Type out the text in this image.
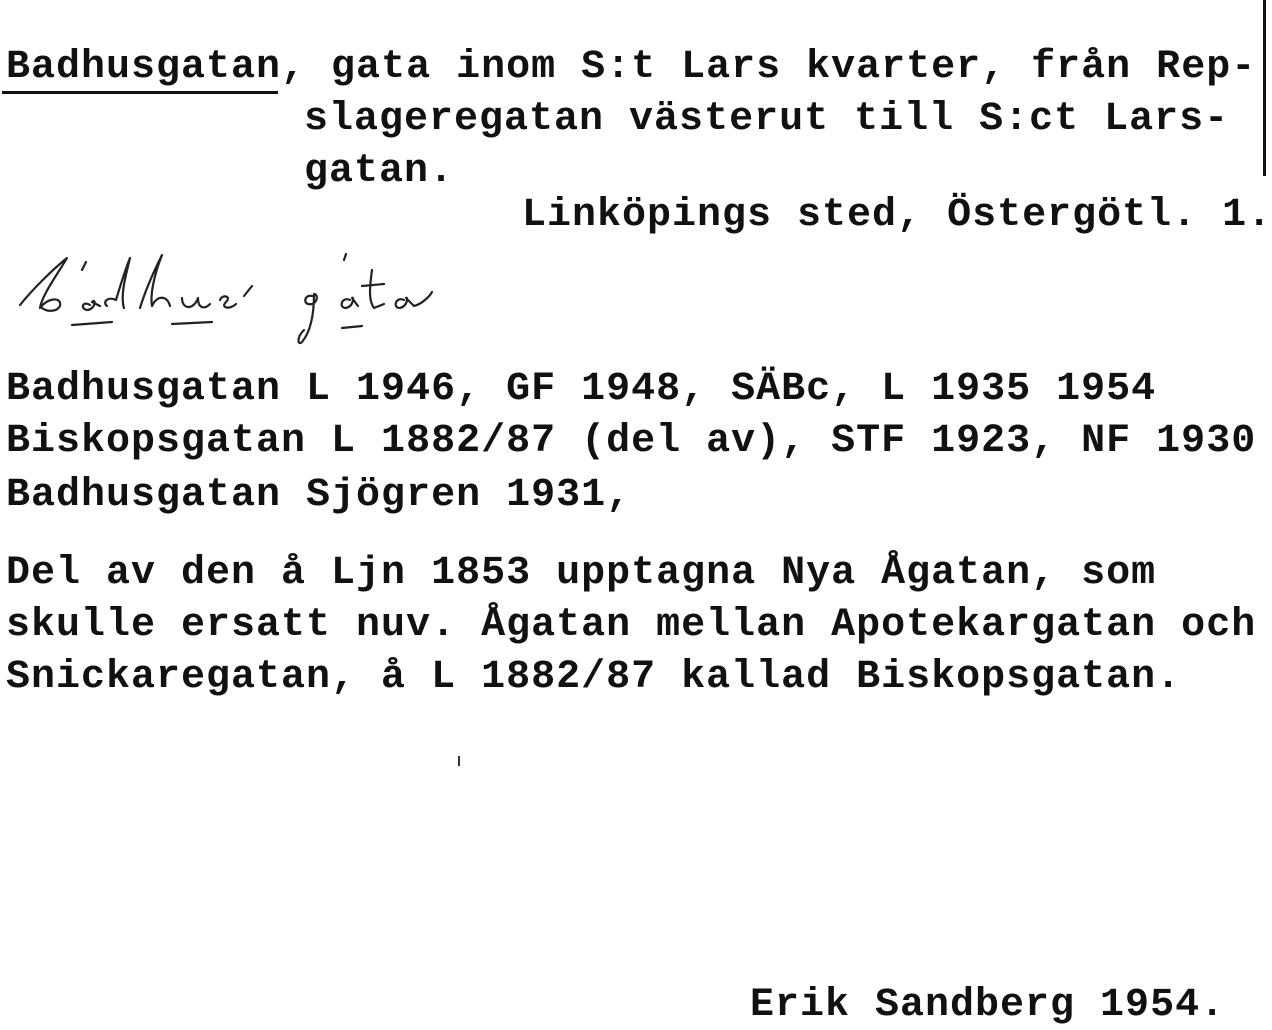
Badhusgatan, gata inom S:t Lars kvarter, från Rep-
slageregatan västerut till S:ct Lars-
gatan.
Linköpings sted, Östergötl. 1.
Badhusgatan L 1946, GF 1948, SÄBc, L 1935 1954
Biskopsgatan L 1882/87 (del av), STF 1923, NF 1930
Badhusgatan Sjögren 1931,
Del av den å Ljn 1853 upptagna Nya Ågatan, som
skulle ersatt nuv. Ågatan mellan Apotekargatan och
Snickaregatan, å L 1882/87 kallad Biskopsgatan.
Erik Sandberg 1954.
